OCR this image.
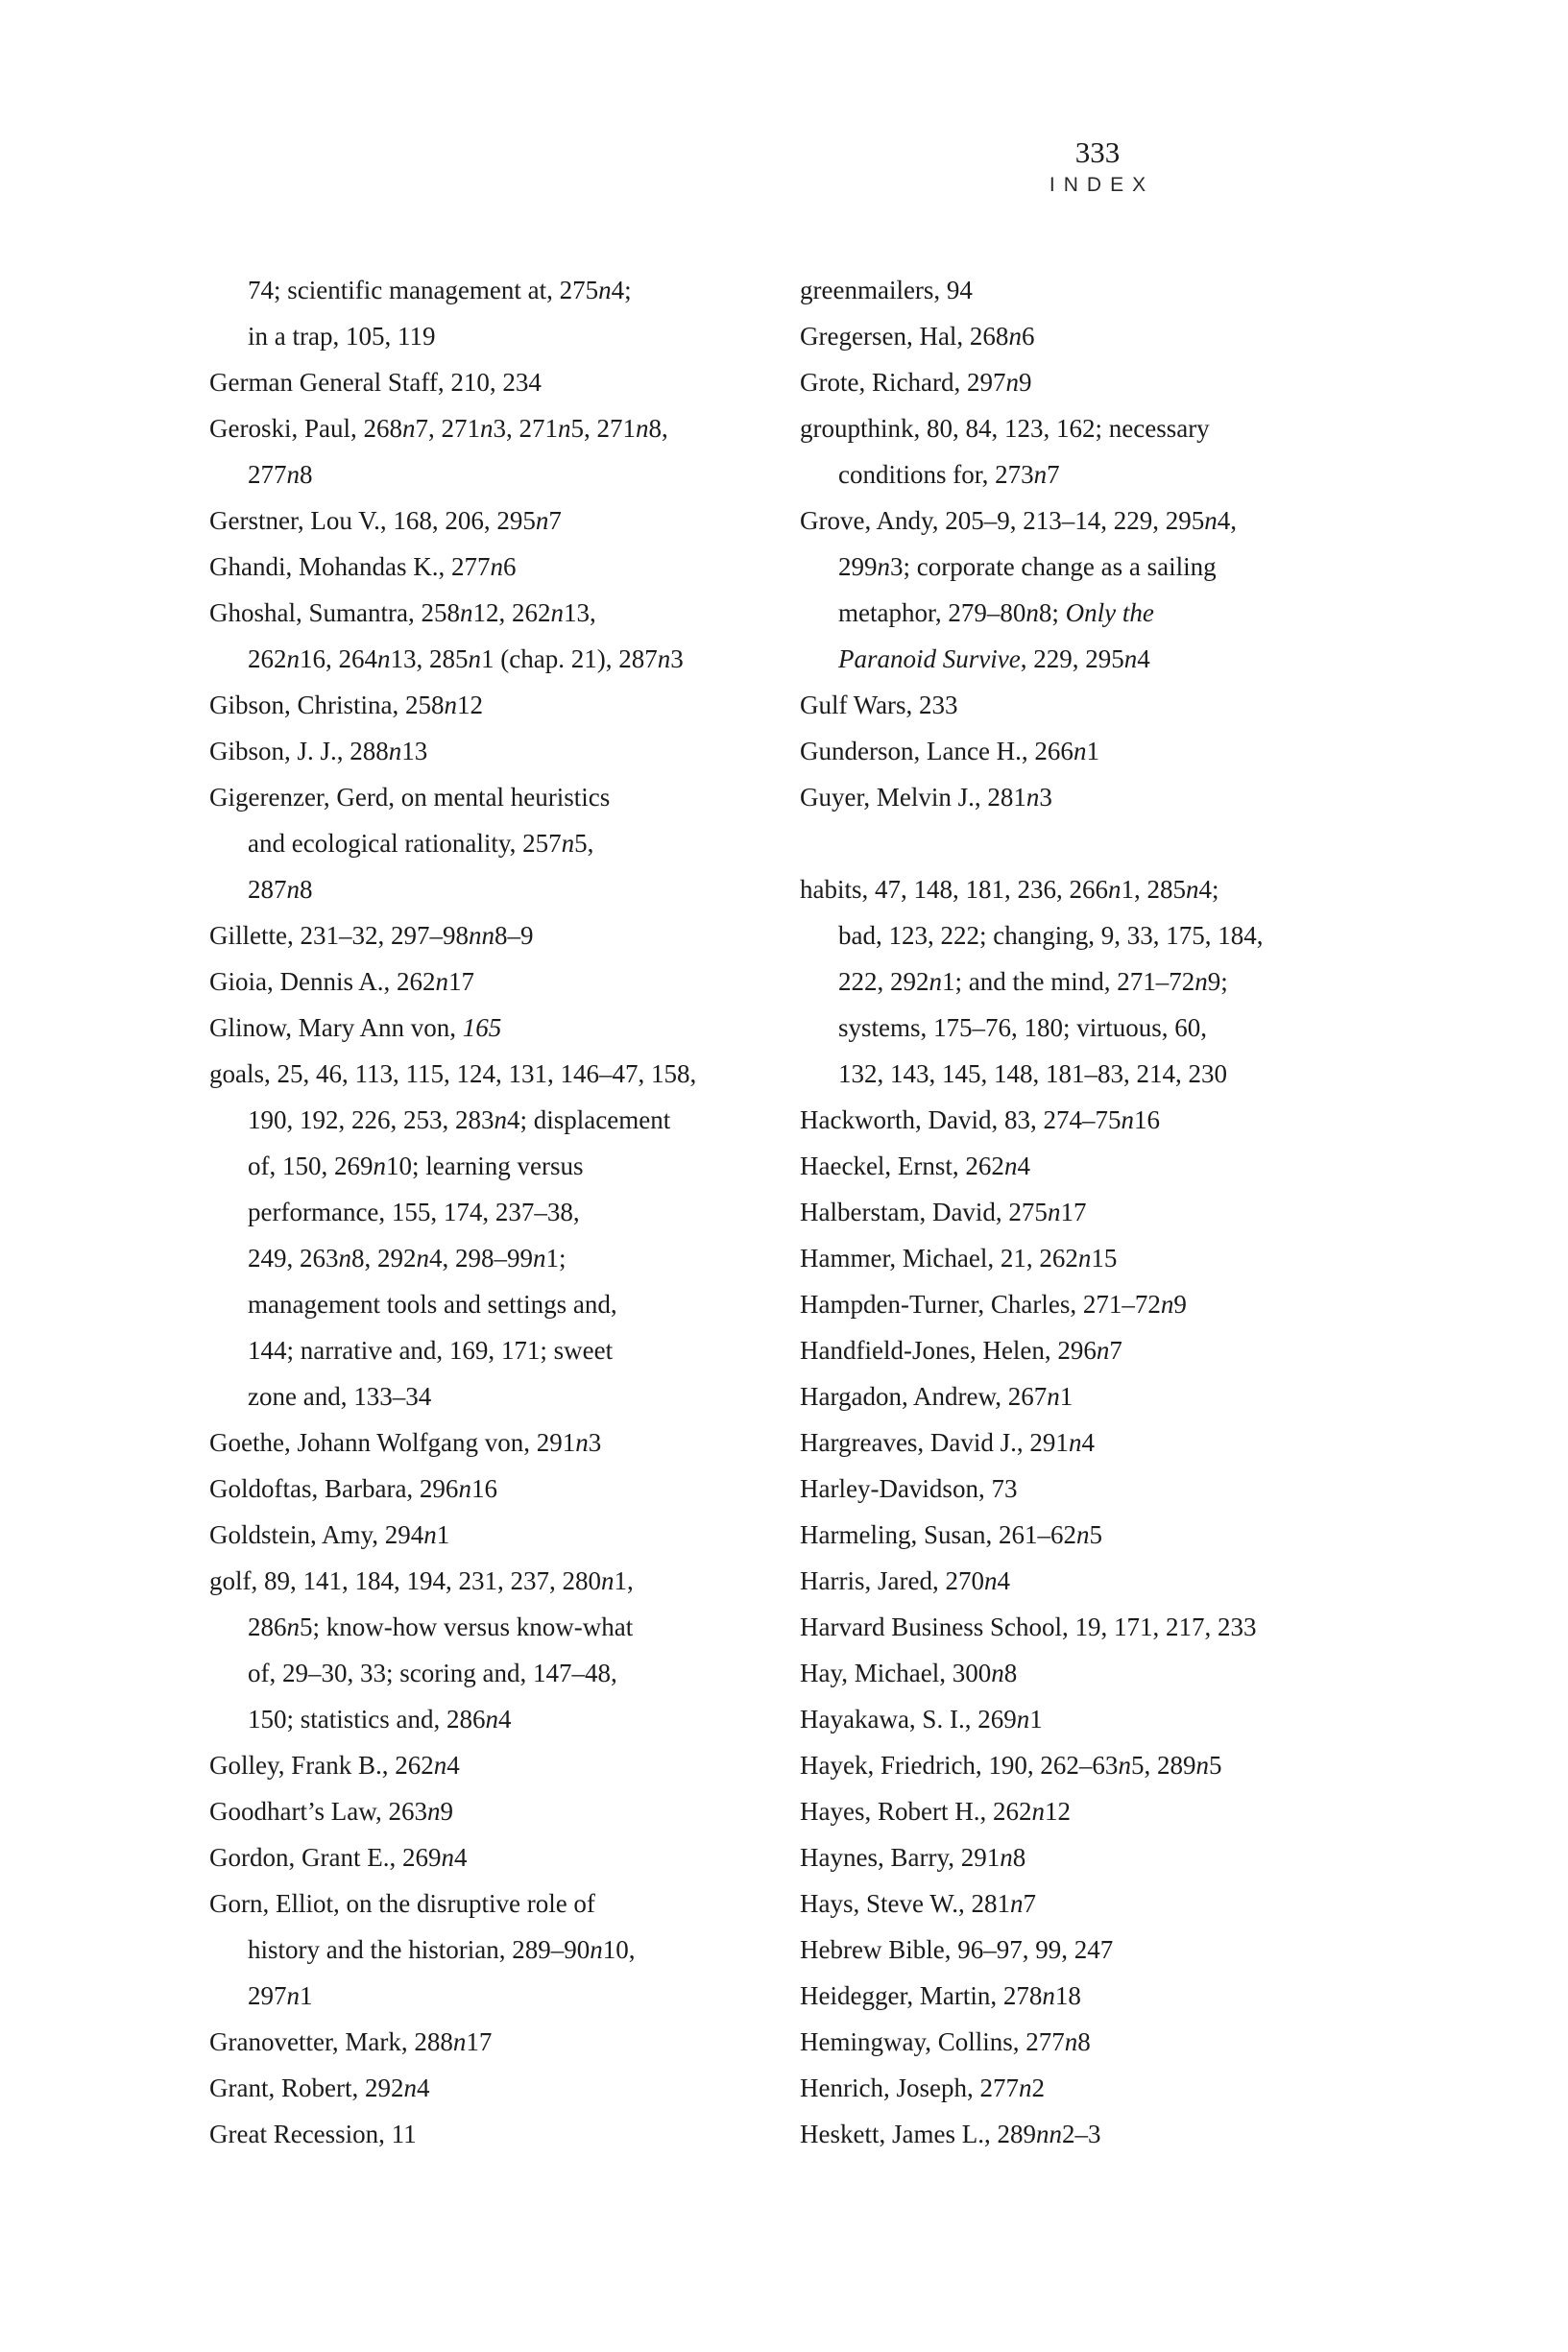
333
INDEX
74; scientific management at, 275n4;
in a trap, 105, 119
German General Staff, 210, 234
Geroski, Paul, 268n7, 271n3, 271n5, 271n8,
277n8
Gerstner, Lou V., 168, 206, 295n7
Ghandi, Mohandas K., 277n6
Ghoshal, Sumantra, 258n12, 262n13,
262n16, 264n13, 285n1 (chap. 21), 287n3
Gibson, Christina, 258n12
Gibson, J. J., 288n13
Gigerenzer, Gerd, on mental heuristics
and ecological rationality, 257n5,
287n8
Gillette, 231–32, 297–98nn8–9
Gioia, Dennis A., 262n17
Glinow, Mary Ann von, 165
goals, 25, 46, 113, 115, 124, 131, 146–47, 158,
190, 192, 226, 253, 283n4; displacement
of, 150, 269n10; learning versus
performance, 155, 174, 237–38,
249, 263n8, 292n4, 298–99n1;
management tools and settings and,
144; narrative and, 169, 171; sweet
zone and, 133–34
Goethe, Johann Wolfgang von, 291n3
Goldoftas, Barbara, 296n16
Goldstein, Amy, 294n1
golf, 89, 141, 184, 194, 231, 237, 280n1,
286n5; know-how versus know-what
of, 29–30, 33; scoring and, 147–48,
150; statistics and, 286n4
Golley, Frank B., 262n4
Goodhart’s Law, 263n9
Gordon, Grant E., 269n4
Gorn, Elliot, on the disruptive role of
history and the historian, 289–90n10,
297n1
Granovetter, Mark, 288n17
Grant, Robert, 292n4
Great Recession, 11
greenmailers, 94
Gregersen, Hal, 268n6
Grote, Richard, 297n9
groupthink, 80, 84, 123, 162; necessary
conditions for, 273n7
Grove, Andy, 205–9, 213–14, 229, 295n4,
299n3; corporate change as a sailing
metaphor, 279–80n8; Only the
Paranoid Survive, 229, 295n4
Gulf Wars, 233
Gunderson, Lance H., 266n1
Guyer, Melvin J., 281n3
habits, 47, 148, 181, 236, 266n1, 285n4;
bad, 123, 222; changing, 9, 33, 175, 184,
222, 292n1; and the mind, 271–72n9;
systems, 175–76, 180; virtuous, 60,
132, 143, 145, 148, 181–83, 214, 230
Hackworth, David, 83, 274–75n16
Haeckel, Ernst, 262n4
Halberstam, David, 275n17
Hammer, Michael, 21, 262n15
Hampden-Turner, Charles, 271–72n9
Handfield-Jones, Helen, 296n7
Hargadon, Andrew, 267n1
Hargreaves, David J., 291n4
Harley-Davidson, 73
Harmeling, Susan, 261–62n5
Harris, Jared, 270n4
Harvard Business School, 19, 171, 217, 233
Hay, Michael, 300n8
Hayakawa, S. I., 269n1
Hayek, Friedrich, 190, 262–63n5, 289n5
Hayes, Robert H., 262n12
Haynes, Barry, 291n8
Hays, Steve W., 281n7
Hebrew Bible, 96–97, 99, 247
Heidegger, Martin, 278n18
Hemingway, Collins, 277n8
Henrich, Joseph, 277n2
Heskett, James L., 289nn2–3
